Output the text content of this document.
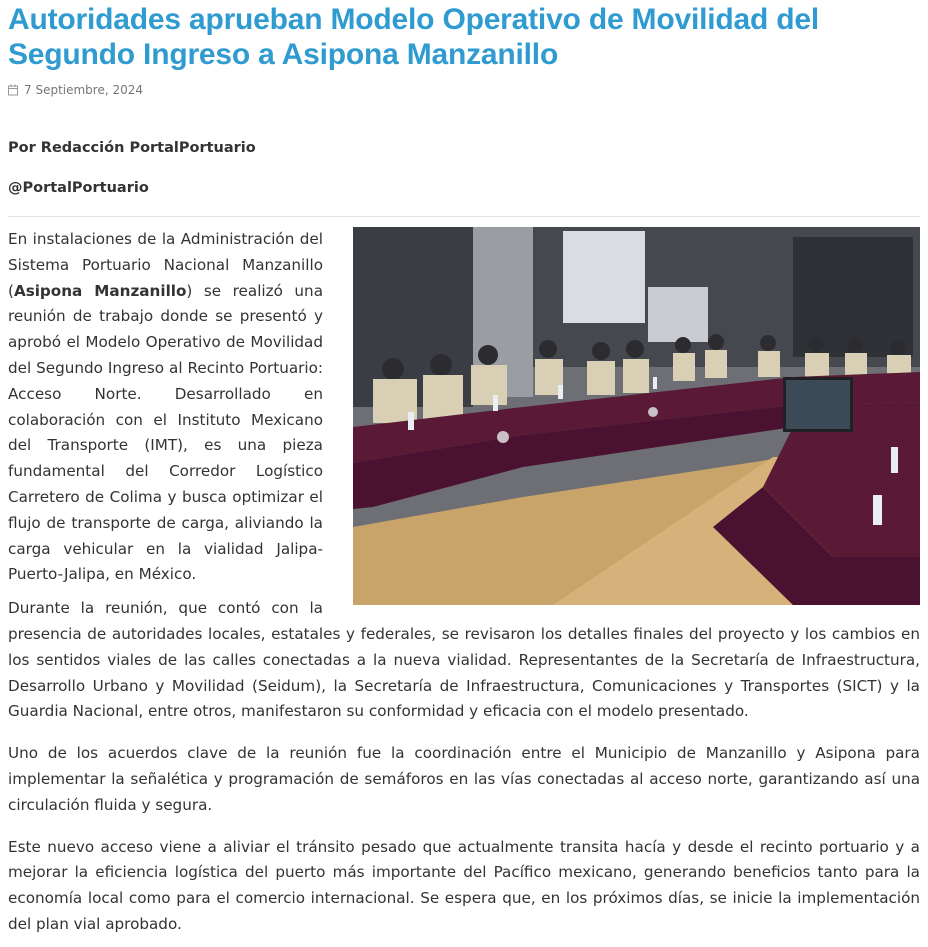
Autoridades aprueban Modelo Operativo de Movilidad del Segundo Ingreso a Asipona Manzanillo
7 Septiembre, 2024
Por Redacción PortalPortuario
@PortalPortuario

En instalaciones de la Administración del Sistema Portuario Nacional Manzanillo (Asipona Manzanillo) se realizó una reunión de trabajo donde se presentó y aprobó el Modelo Operativo de Movilidad del Segundo Ingreso al Recinto Portuario: Acceso Norte. Desarrollado en colaboración con el Instituto Mexicano del Transporte (IMT), es una pieza fundamental del Corredor Logístico Carretero de Colima y busca optimizar el flujo de transporte de carga, aliviando la carga vehicular en la vialidad Jalipa-Puerto-Jalipa, en México.

Durante la reunión, que contó con la presencia de autoridades locales, estatales y federales, se revisaron los detalles finales del proyecto y los cambios en los sentidos viales de las calles conectadas a la nueva vialidad. Representantes de la Secretaría de Infraestructura, Desarrollo Urbano y Movilidad (Seidum), la Secretaría de Infraestructura, Comunicaciones y Transportes (SICT) y la Guardia Nacional, entre otros, manifestaron su conformidad y eficacia con el modelo presentado.

Uno de los acuerdos clave de la reunión fue la coordinación entre el Municipio de Manzanillo y Asipona para implementar la señalética y programación de semáforos en las vías conectadas al acceso norte, garantizando así una circulación fluida y segura.

Este nuevo acceso viene a aliviar el tránsito pesado que actualmente transita hacía y desde el recinto portuario y a mejorar la eficiencia logística del puerto más importante del Pacífico mexicano, generando beneficios tanto para la economía local como para el comercio internacional. Se espera que, en los próximos días, se inicie la implementación del plan vial aprobado.
